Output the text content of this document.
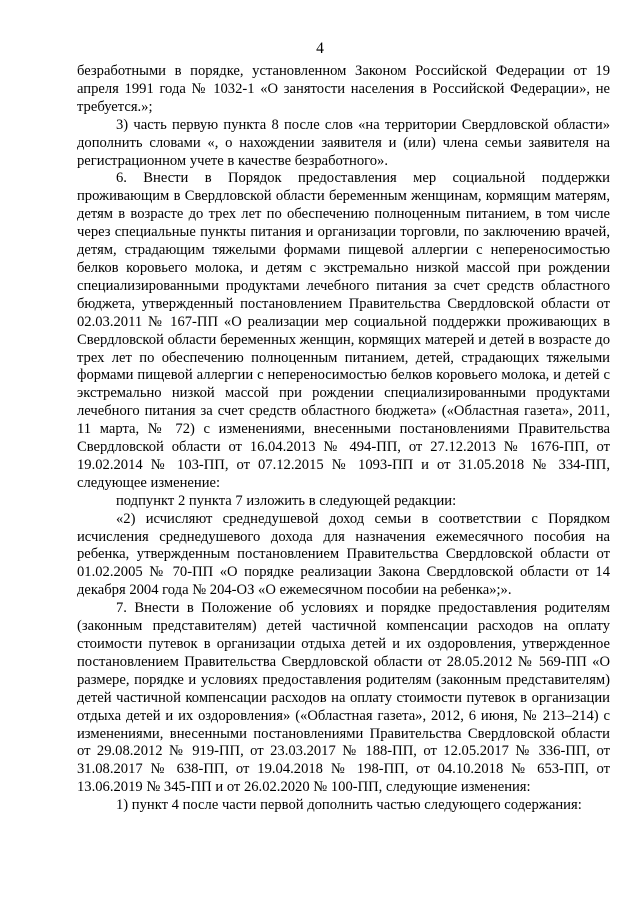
4

безработными в порядке, установленном Законом Российской Федерации от 19 апреля 1991 года № 1032-1 «О занятости населения в Российской Федерации», не требуется.»;

3) часть первую пункта 8 после слов «на территории Свердловской области» дополнить словами «, о нахождении заявителя и (или) члена семьи заявителя на регистрационном учете в качестве безработного».

6. Внести в Порядок предоставления мер социальной поддержки проживающим в Свердловской области беременным женщинам, кормящим матерям, детям в возрасте до трех лет по обеспечению полноценным питанием, в том числе через специальные пункты питания и организации торговли, по заключению врачей, детям, страдающим тяжелыми формами пищевой аллергии с непереносимостью белков коровьего молока, и детям с экстремально низкой массой при рождении специализированными продуктами лечебного питания за счет средств областного бюджета, утвержденный постановлением Правительства Свердловской области от 02.03.2011 № 167-ПП «О реализации мер социальной поддержки проживающих в Свердловской области беременных женщин, кормящих матерей и детей в возрасте до трех лет по обеспечению полноценным питанием, детей, страдающих тяжелыми формами пищевой аллергии с непереносимостью белков коровьего молока, и детей с экстремально низкой массой при рождении специализированными продуктами лечебного питания за счет средств областного бюджета» («Областная газета», 2011, 11 марта, № 72) с изменениями, внесенными постановлениями Правительства Свердловской области от 16.04.2013 № 494-ПП, от 27.12.2013 № 1676-ПП, от 19.02.2014 № 103-ПП, от 07.12.2015 № 1093-ПП и от 31.05.2018 № 334-ПП, следующее изменение:

подпункт 2 пункта 7 изложить в следующей редакции:

«2) исчисляют среднедушевой доход семьи в соответствии с Порядком исчисления среднедушевого дохода для назначения ежемесячного пособия на ребенка, утвержденным постановлением Правительства Свердловской области от 01.02.2005 № 70-ПП «О порядке реализации Закона Свердловской области от 14 декабря 2004 года № 204-ОЗ «О ежемесячном пособии на ребенка»;».

7. Внести в Положение об условиях и порядке предоставления родителям (законным представителям) детей частичной компенсации расходов на оплату стоимости путевок в организации отдыха детей и их оздоровления, утвержденное постановлением Правительства Свердловской области от 28.05.2012 № 569-ПП «О размере, порядке и условиях предоставления родителям (законным представителям) детей частичной компенсации расходов на оплату стоимости путевок в организации отдыха детей и их оздоровления» («Областная газета», 2012, 6 июня, № 213–214) с изменениями, внесенными постановлениями Правительства Свердловской области от 29.08.2012 № 919-ПП, от 23.03.2017 № 188-ПП, от 12.05.2017 № 336-ПП, от 31.08.2017 № 638-ПП, от 19.04.2018 № 198-ПП, от 04.10.2018 № 653-ПП, от 13.06.2019 № 345-ПП и от 26.02.2020 № 100-ПП, следующие изменения:

1) пункт 4 после части первой дополнить частью следующего содержания:
